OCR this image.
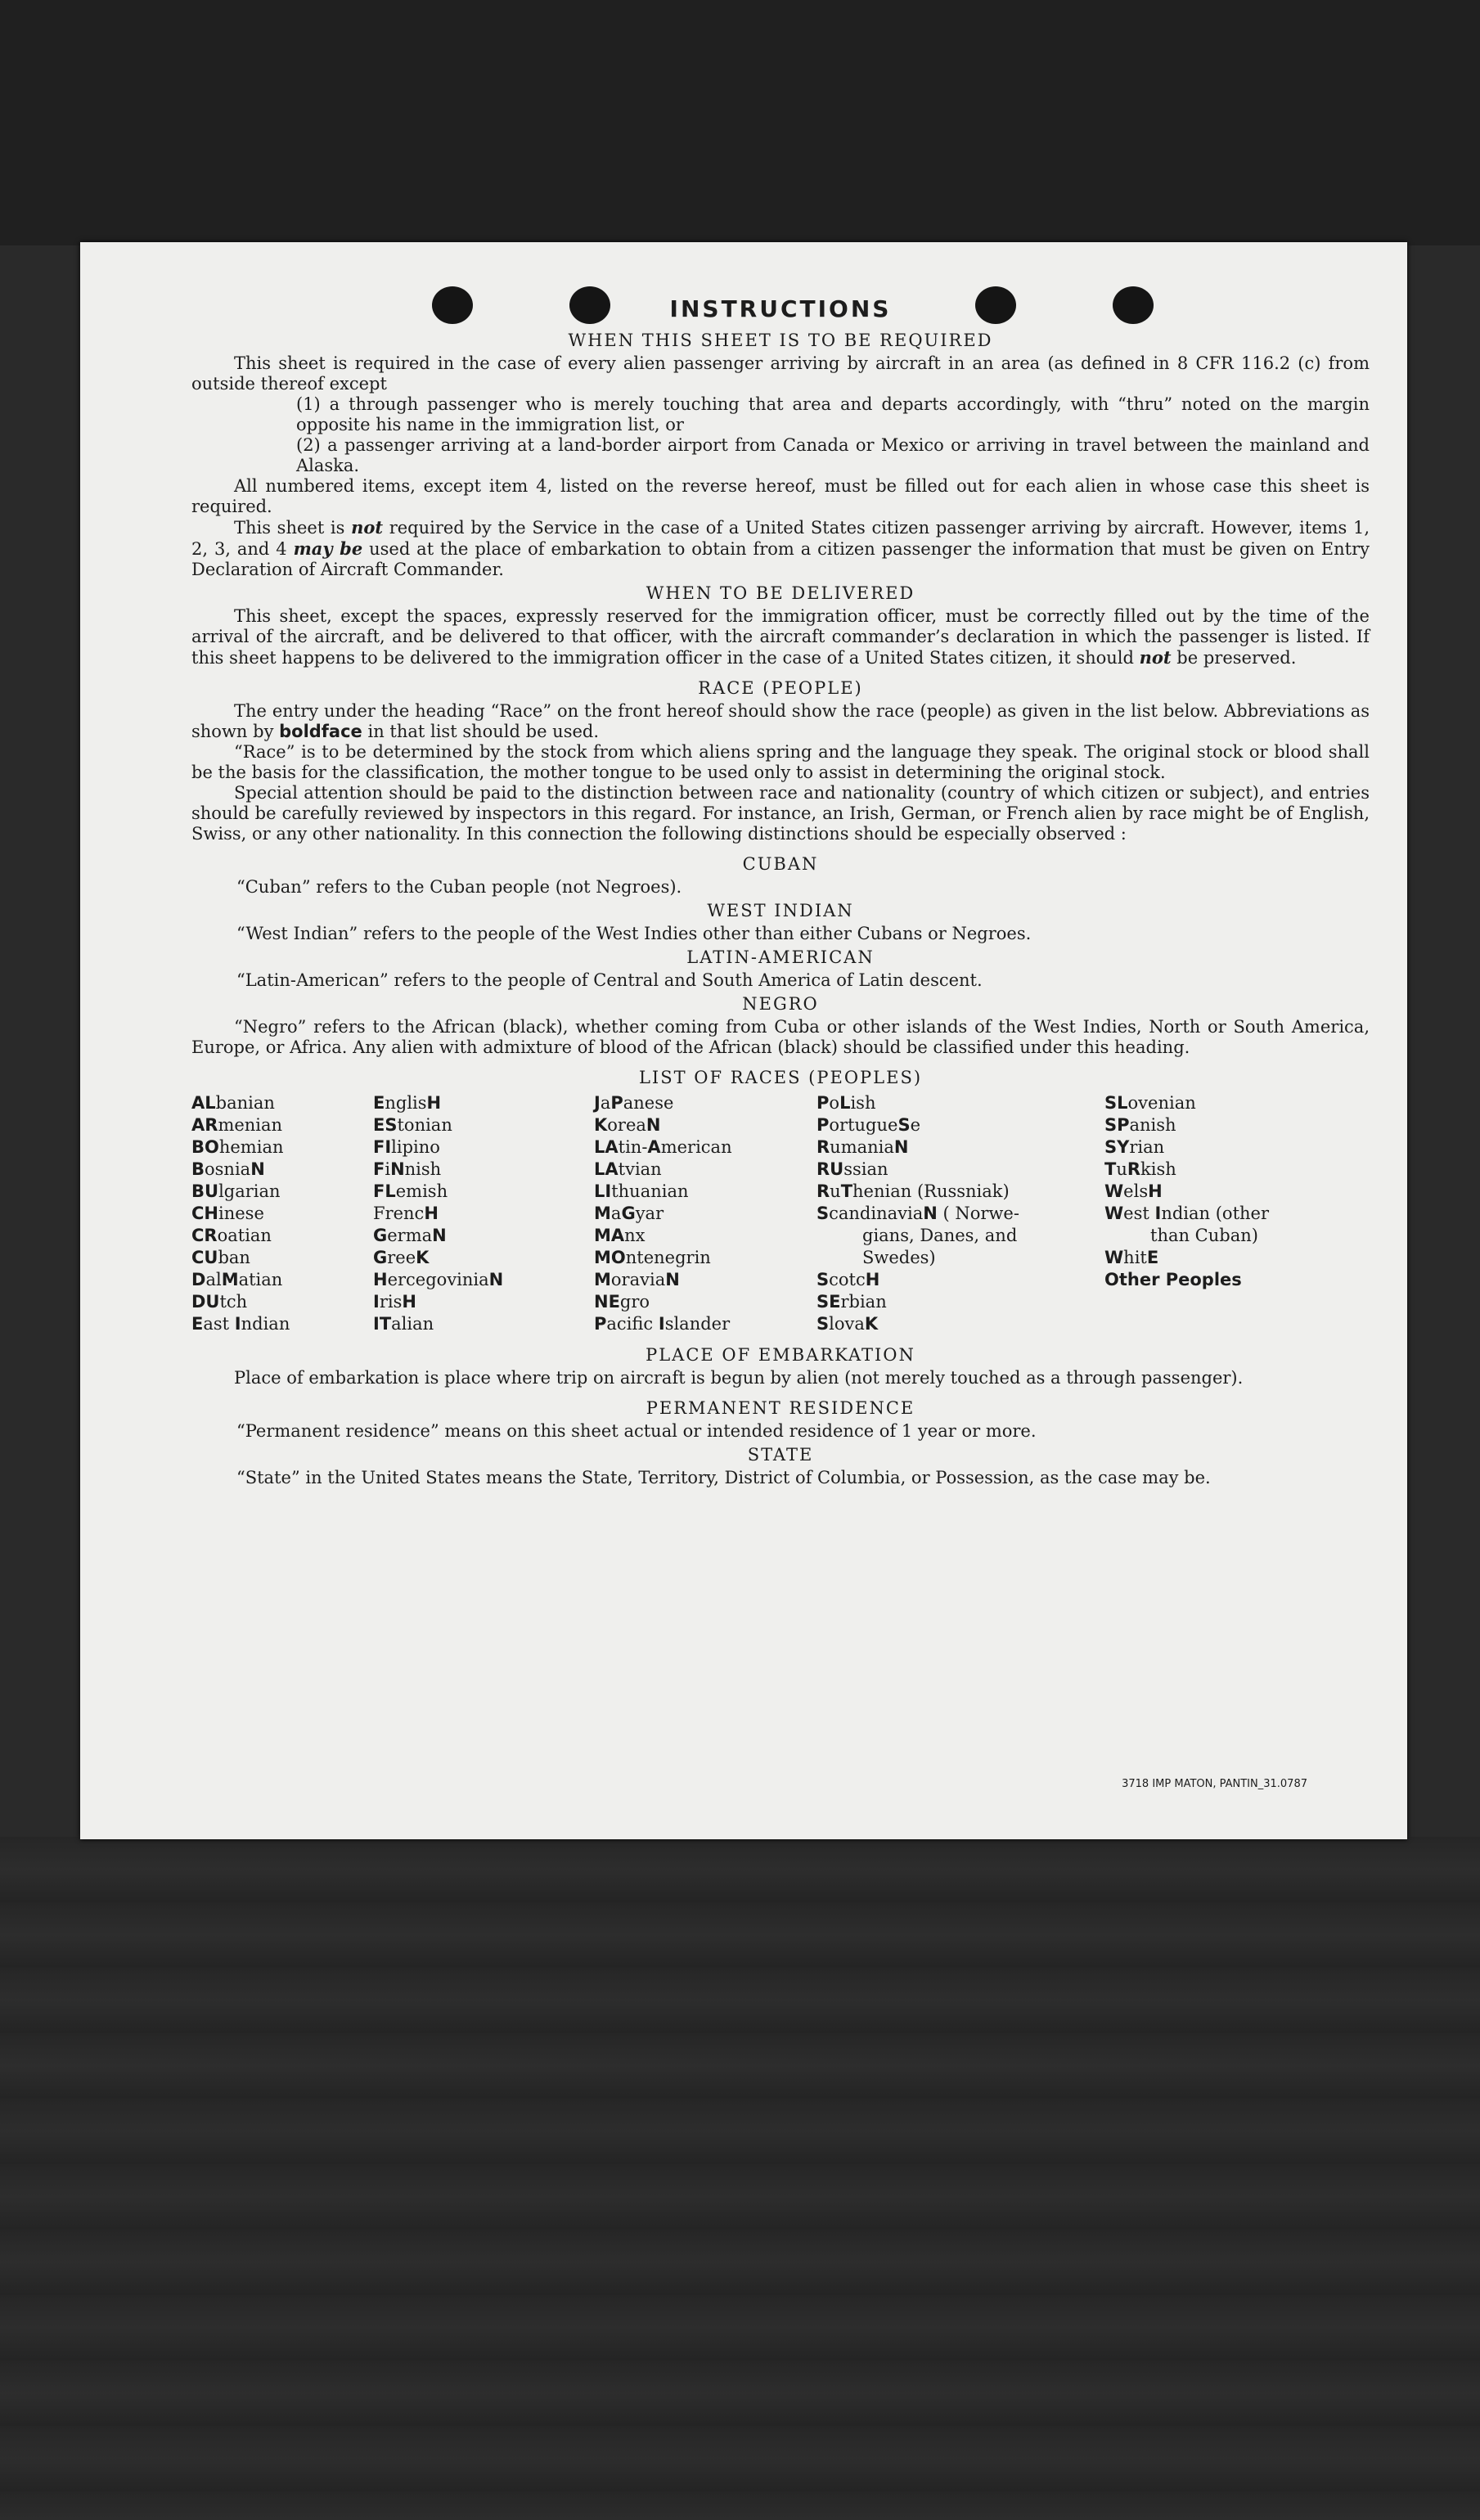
INSTRUCTIONS
WHEN THIS SHEET IS TO BE REQUIRED

This sheet is required in the case of every alien passenger arriving by aircraft in an area (as defined in 8 CFR 116.2 (c) from outside thereof except

(1) a through passenger who is merely touching that area and departs accordingly, with “thru” noted on the margin opposite his name in the immigration list, or

(2) a passenger arriving at a land-border airport from Canada or Mexico or arriving in travel between the mainland and Alaska.

All numbered items, except item 4, listed on the reverse hereof, must be filled out for each alien in whose case this sheet is required.

This sheet is not required by the Service in the case of a United States citizen passenger arriving by aircraft. However, items 1, 2, 3, and 4 may be used at the place of embarkation to obtain from a citizen passenger the information that must be given on Entry Declaration of Aircraft Commander.

WHEN TO BE DELIVERED

This sheet, except the spaces, expressly reserved for the immigration officer, must be correctly filled out by the time of the arrival of the aircraft, and be delivered to that officer, with the aircraft commander’s declaration in which the passenger is listed. If this sheet happens to be delivered to the immigration officer in the case of a United States citizen, it should not be preserved.

RACE (PEOPLE)

The entry under the heading “Race” on the front hereof should show the race (people) as given in the list below. Abbreviations as shown by boldface in that list should be used.

“Race” is to be determined by the stock from which aliens spring and the language they speak. The original stock or blood shall be the basis for the classification, the mother tongue to be used only to assist in determining the original stock.

Special attention should be paid to the distinction between race and nationality (country of which citizen or subject), and entries should be carefully reviewed by inspectors in this regard. For instance, an Irish, German, or French alien by race might be of English, Swiss, or any other nationality. In this connection the following distinctions should be especially observed :

CUBAN

“Cuban” refers to the Cuban people (not Negroes).

WEST INDIAN

“West Indian” refers to the people of the West Indies other than either Cubans or Negroes.

LATIN-AMERICAN

“Latin-American” refers to the people of Central and South America of Latin descent.

NEGRO

“Negro” refers to the African (black), whether coming from Cuba or other islands of the West Indies, North or South America, Europe, or Africa. Any alien with admixture of blood of the African (black) should be classified under this heading.

LIST OF RACES (PEOPLES)
ALbanian
ARmenian
BOhemian
BosniaN
BUlgarian
CHinese
CRoatian
CUban
DalMatian
DUtch
East Indian
EnglisH
EStonian
FIlipino
FiNnish
FLemish
FrencH
GermaN
GreeK
HercegoviniaN
IrisH
ITalian
JaPanese
KoreaN
LAtin-American
LAtvian
LIthuanian
MaGyar
MAnx
MOntenegrin
MoraviaN
NEgro
Pacific Islander
PoLish
PortugueSe
RumaniaN
RUssian
RuThenian (Russniak)
ScandinaviaN ( Norwe-
gians, Danes, and
Swedes)
ScotcH
SErbian
SlovaK
SLovenian
SPanish
SYrian
TuRkish
WelsH
West Indian (other
than Cuban)
WhitE
Other Peoples
PLACE OF EMBARKATION

Place of embarkation is place where trip on aircraft is begun by alien (not merely touched as a through passenger).

PERMANENT RESIDENCE

“Permanent residence” means on this sheet actual or intended residence of 1 year or more.

STATE

“State” in the United States means the State, Territory, District of Columbia, or Possession, as the case may be.

3718 IMP MATON, PANTIN_31.0787
